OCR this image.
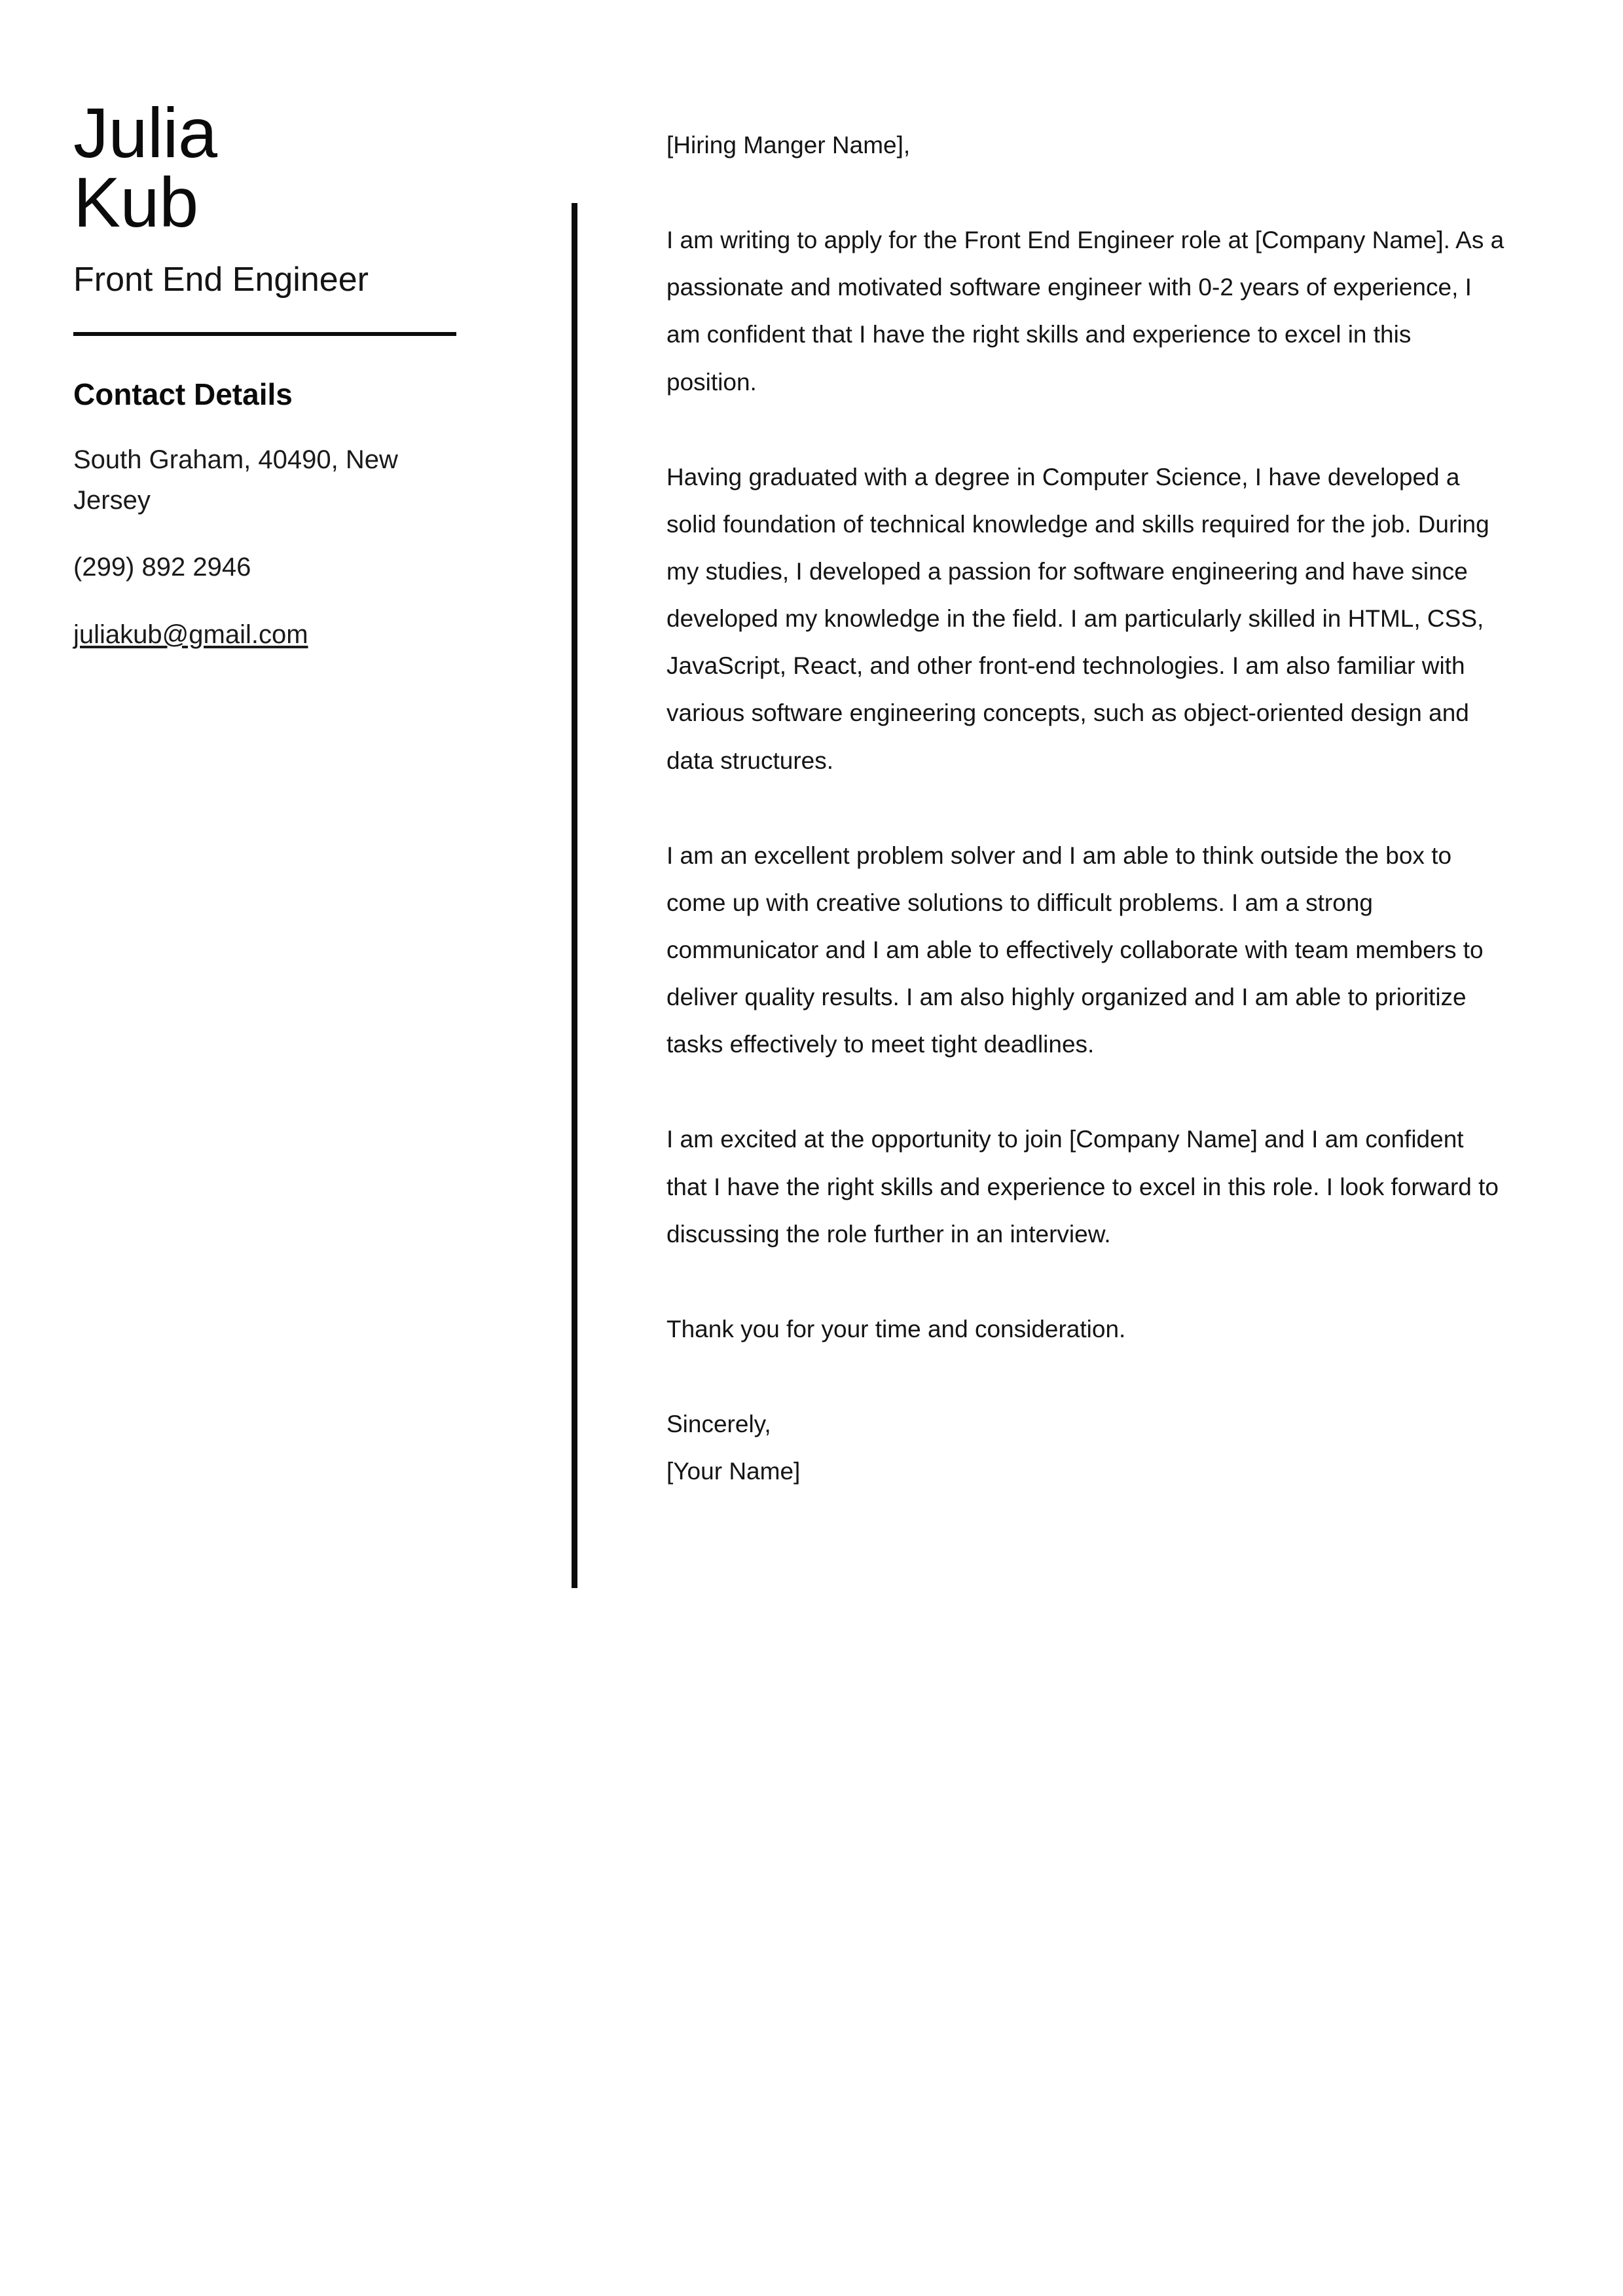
Julia
Kub
Front End Engineer
Contact Details
South Graham, 40490, New Jersey
(299) 892 2946
juliakub@gmail.com

[Hiring Manger Name],

I am writing to apply for the Front End Engineer role at [Company Name]. As a passionate and motivated software engineer with 0-2 years of experience, I am confident that I have the right skills and experience to excel in this position.

Having graduated with a degree in Computer Science, I have developed a solid foundation of technical knowledge and skills required for the job. During my studies, I developed a passion for software engineering and have since developed my knowledge in the field. I am particularly skilled in HTML, CSS, JavaScript, React, and other front-end technologies. I am also familiar with various software engineering concepts, such as object-oriented design and data structures.

I am an excellent problem solver and I am able to think outside the box to come up with creative solutions to difficult problems. I am a strong communicator and I am able to effectively collaborate with team members to deliver quality results. I am also highly organized and I am able to prioritize tasks effectively to meet tight deadlines.

I am excited at the opportunity to join [Company Name] and I am confident that I have the right skills and experience to excel in this role. I look forward to discussing the role further in an interview.

Thank you for your time and consideration.

Sincerely,
[Your Name]
